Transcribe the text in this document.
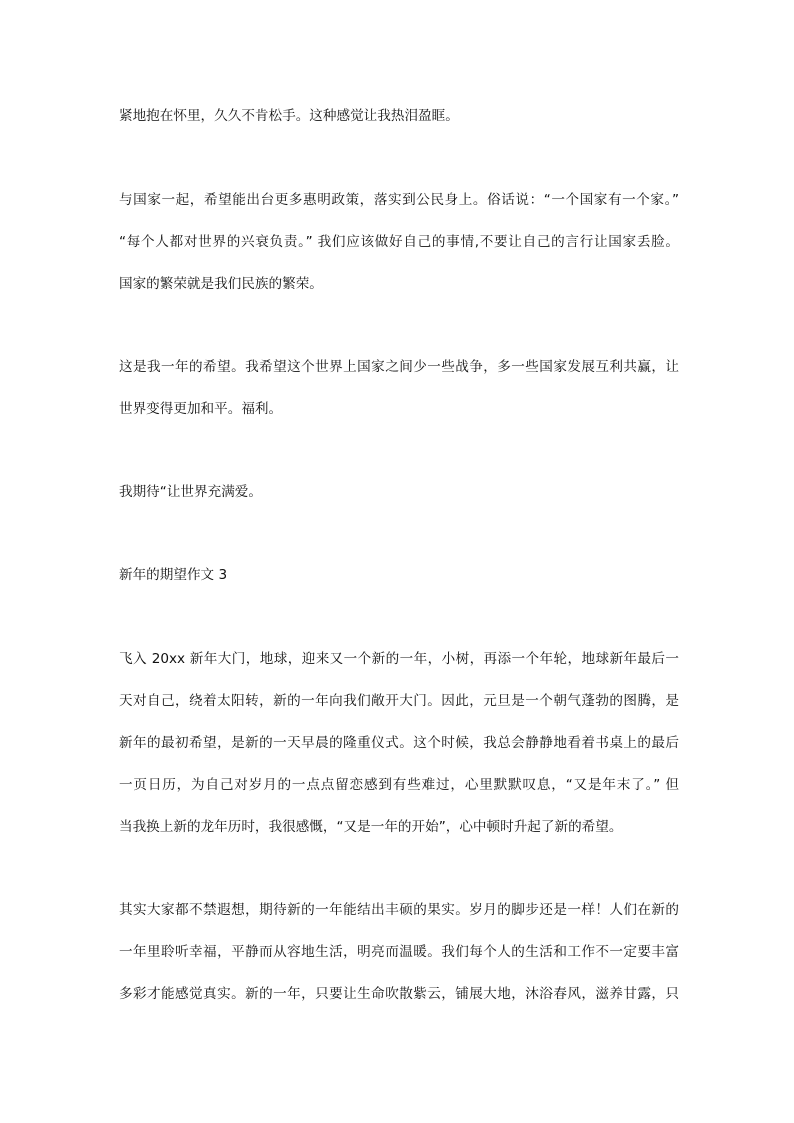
紧地抱在怀里，久久不肯松手。这种感觉让我热泪盈眶。
与国家一起，希望能出台更多惠明政策，落实到公民身上。俗话说：“一个国家有一个家。”
“每个人都对世界的兴衰负责。” 我们应该做好自己的事情,不要让自己的言行让国家丢脸。
国家的繁荣就是我们民族的繁荣。
这是我一年的希望。我希望这个世界上国家之间少一些战争，多一些国家发展互利共赢，让
世界变得更加和平。福利。
我期待“让世界充满爱。
新年的期望作文 3
飞入 20xx 新年大门，地球，迎来又一个新的一年，小树，再添一个年轮，地球新年最后一
天对自己，绕着太阳转，新的一年向我们敞开大门。因此，元旦是一个朝气蓬勃的图腾，是
新年的最初希望，是新的一天早晨的隆重仪式。这个时候，我总会静静地看着书桌上的最后
一页日历，为自己对岁月的一点点留恋感到有些难过，心里默默叹息，“又是年末了。” 但
当我换上新的龙年历时，我很感慨，“又是一年的开始”，心中顿时升起了新的希望。
其实大家都不禁遐想，期待新的一年能结出丰硕的果实。岁月的脚步还是一样！人们在新的
一年里聆听幸福，平静而从容地生活，明亮而温暖。我们每个人的生活和工作不一定要丰富
多彩才能感觉真实。新的一年，只要让生命吹散紫云，铺展大地，沐浴春风，滋养甘露，只
